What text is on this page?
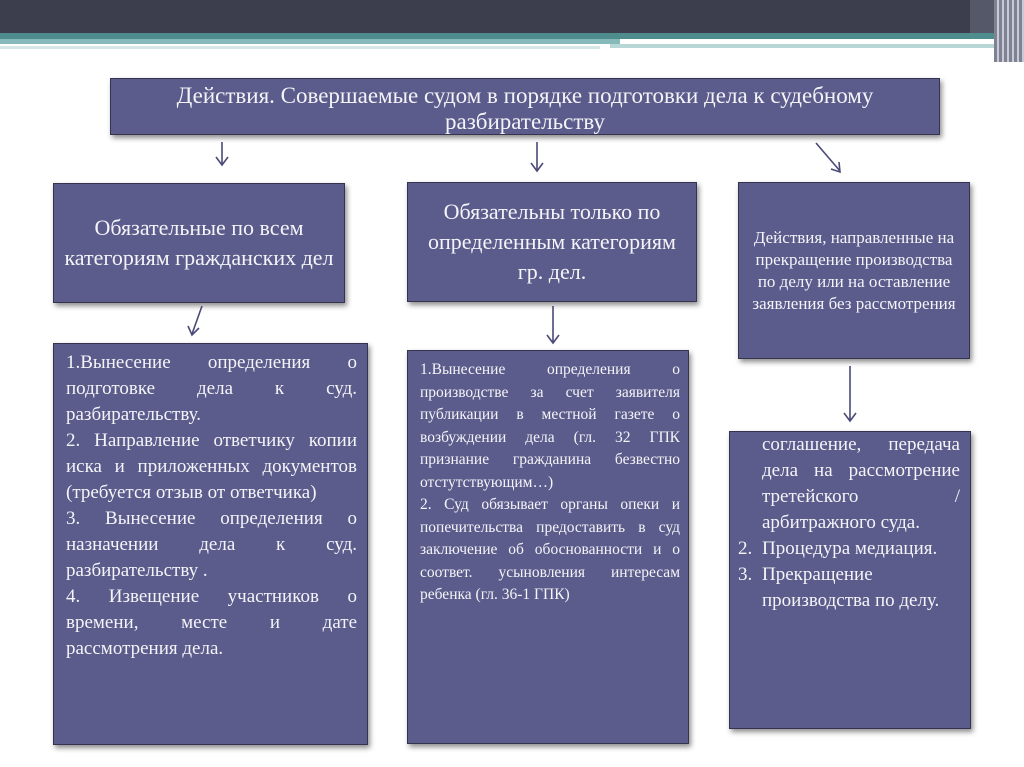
Действия. Совершаемые судом в порядке подготовки дела к судебному разбирательству
Обязательные по всем категориям гражданских дел
Обязательны только по определенным категориям гр. дел.
Действия, направленные на прекращение производства по делу или на оставление заявления без рассмотрения
1.Вынесение определения о подготовке дела к суд. разбирательству.
2. Направление ответчику копии иска и приложенных документов (требуется отзыв от ответчика)
3. Вынесение определения о назначении дела к суд. разбирательству .
4. Извещение участников о времени, месте и дате рассмотрения дела.
1.Вынесение определения о производстве за счет заявителя публикации в местной газете о возбуждении дела (гл. 32 ГПК признание гражданина безвестно отстутствующим…)
2. Суд обязывает органы опеки и попечительства предоставить в суд заключение об обоснованности и о соответ. усыновления интересам ребенка (гл. 36-1 ГПК)
соглашение, передача дела на рассмотрение третейского / арбитражного суда.
2. Процедура медиация.
3. Прекращение производства по делу.
